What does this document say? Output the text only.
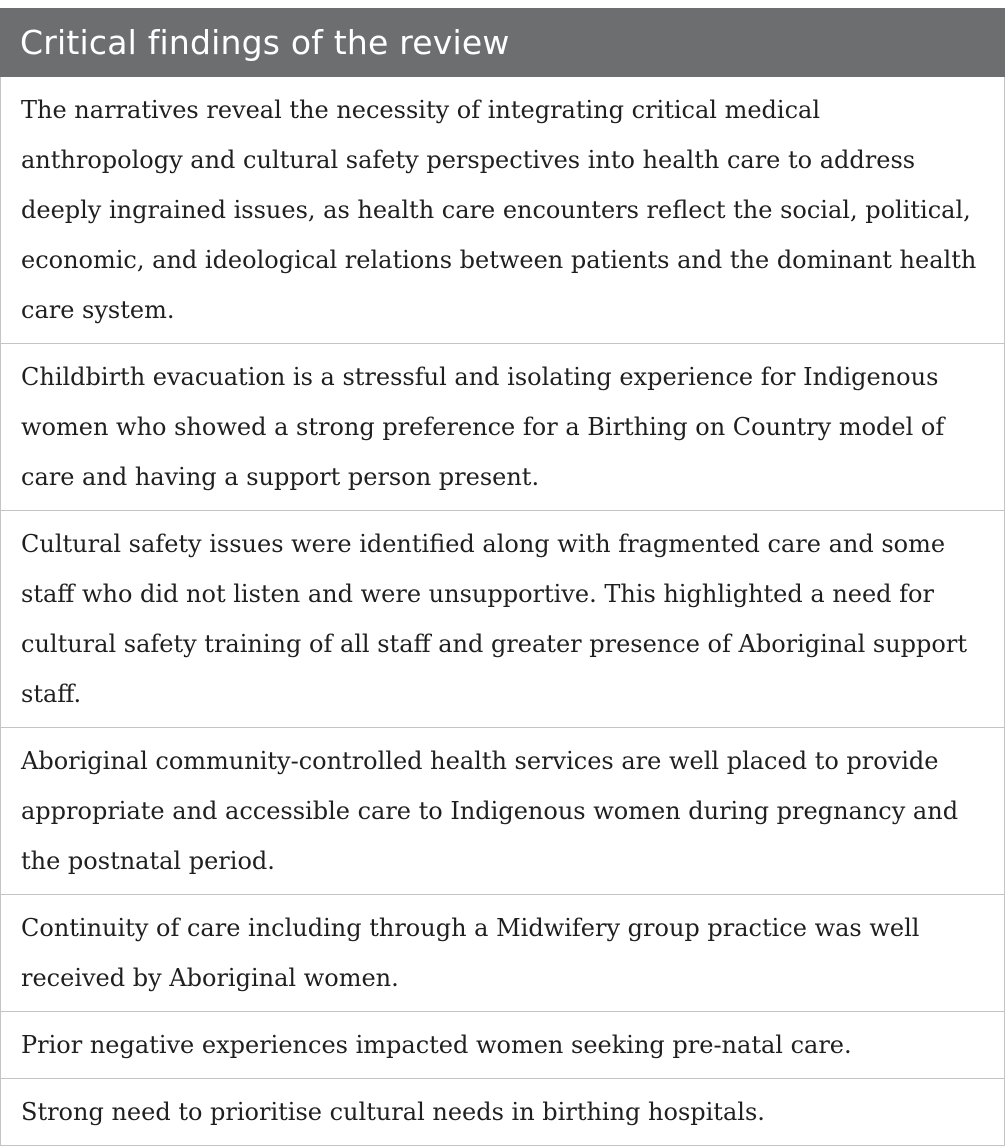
Critical findings of the review
The narratives reveal the necessity of integrating critical medical anthropology and cultural safety perspectives into health care to address deeply ingrained issues, as health care encounters reflect the social, political, economic, and ideological relations between patients and the dominant health care system.
Childbirth evacuation is a stressful and isolating experience for Indigenous women who showed a strong preference for a Birthing on Country model of care and having a support person present.
Cultural safety issues were identified along with fragmented care and some staff who did not listen and were unsupportive. This highlighted a need for cultural safety training of all staff and greater presence of Aboriginal support staff.
Aboriginal community-controlled health services are well placed to provide appropriate and accessible care to Indigenous women during pregnancy and the postnatal period.
Continuity of care including through a Midwifery group practice was well received by Aboriginal women.
Prior negative experiences impacted women seeking pre-natal care.
Strong need to prioritise cultural needs in birthing hospitals.
